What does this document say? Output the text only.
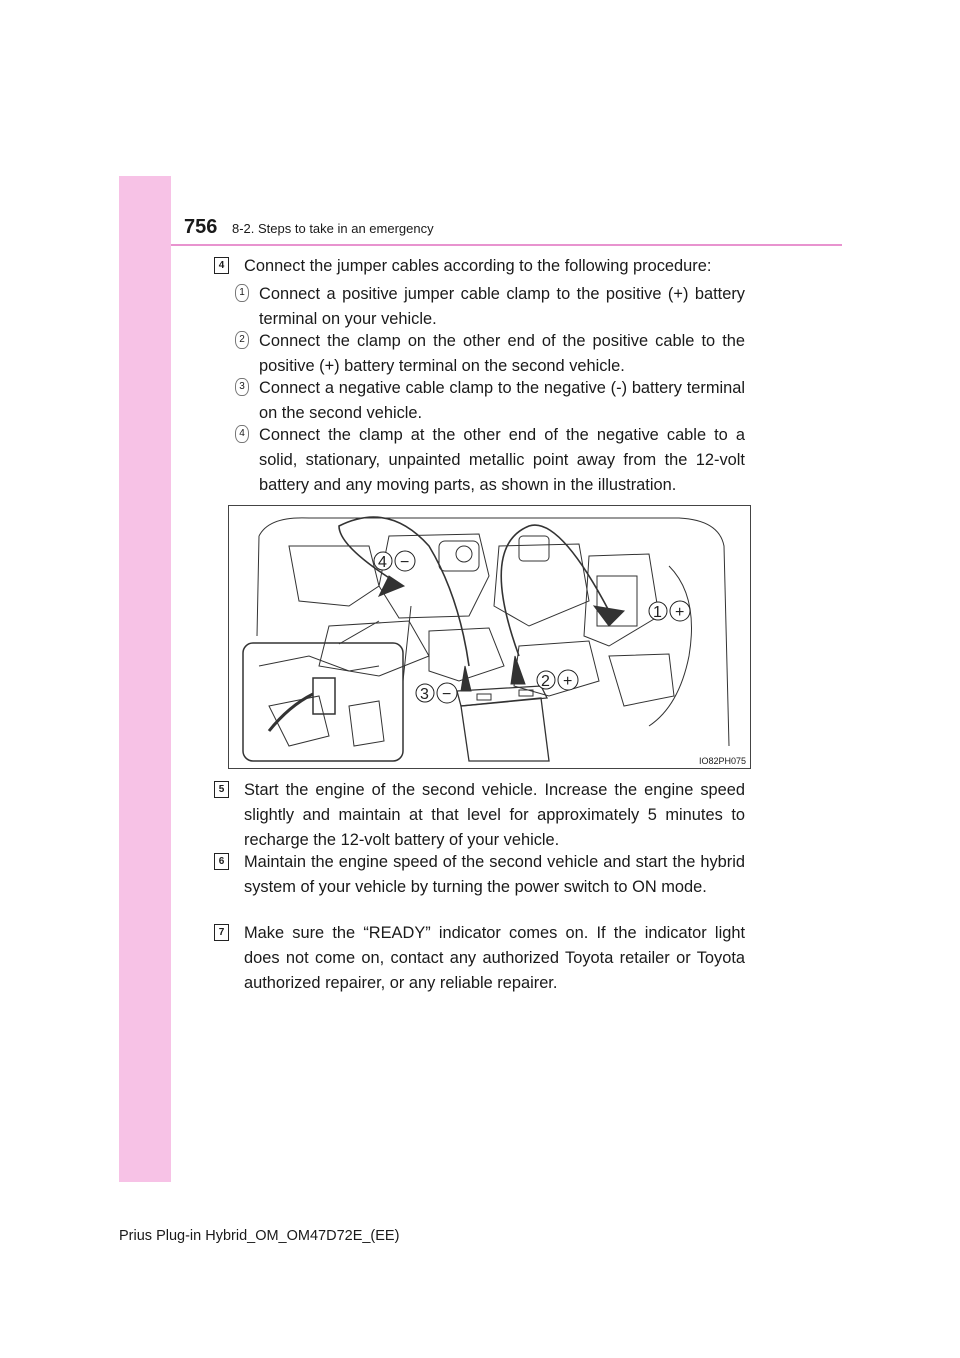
756 8-2. Steps to take in an emergency
4 Connect the jumper cables according to the following procedure:
1 Connect a positive jumper cable clamp to the positive (+) battery terminal on your vehicle.
2 Connect the clamp on the other end of the positive cable to the positive (+) battery terminal on the second vehicle.
3 Connect a negative cable clamp to the negative (-) battery terminal on the second vehicle.
4 Connect the clamp at the other end of the negative cable to a solid, stationary, unpainted metallic point away from the 12-volt battery and any moving parts, as shown in the illustration.
4 −
1 +
2 +
3 −
IO82PH075
5 Start the engine of the second vehicle. Increase the engine speed slightly and maintain at that level for approximately 5 minutes to recharge the 12-volt battery of your vehicle.
6 Maintain the engine speed of the second vehicle and start the hybrid system of your vehicle by turning the power switch to ON mode.
7 Make sure the “READY” indicator comes on. If the indicator light does not come on, contact any authorized Toyota retailer or Toyota authorized repairer, or any reliable repairer.
Prius Plug-in Hybrid_OM_OM47D72E_(EE)
